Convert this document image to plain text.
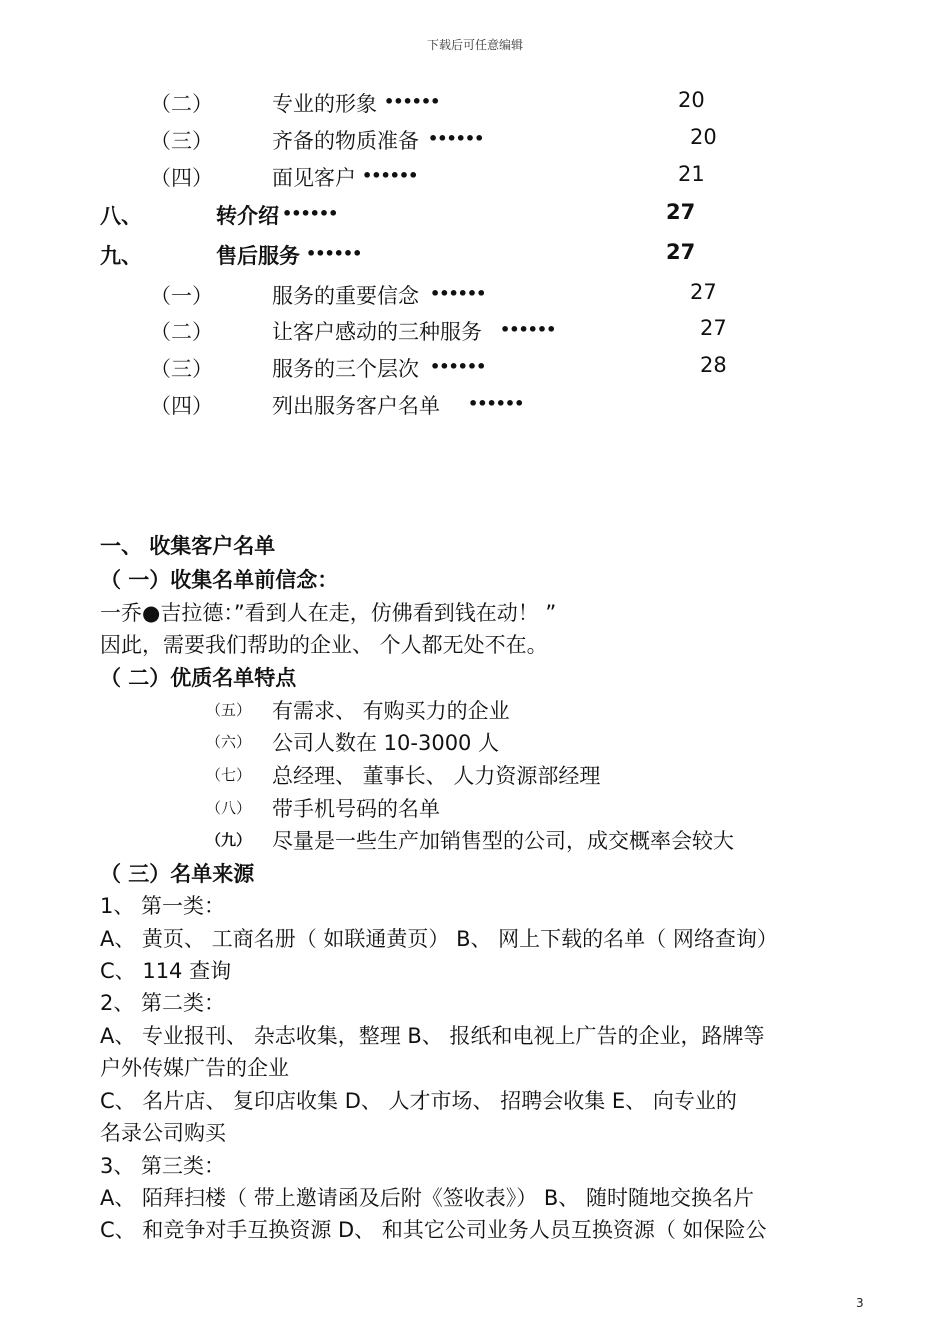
下载后可任意编辑
（二）	专业的形象 ••••••	20
（三）	齐备的物质准备 ••••••	20
（四）	面见客户 ••••••	21
八、	转介绍 ••••••	27
九、	售后服务 ••••••	27
（一）	服务的重要信念 ••••••	27
（二）	让客户感动的三种服务 ••••••	27
（三）	服务的三个层次 ••••••	28
（四）	列出服务客户名单 ••••••
一、 收集客户名单
（ 一）收集名单前信念：
一乔●吉拉德：”看到人在走，仿佛看到钱在动！ ”
因此，需要我们帮助的企业、 个人都无处不在。
（ 二）优质名单特点
（五） 有需求、 有购买力的企业
（六） 公司人数在 10-3000 人
（七） 总经理、 董事长、 人力资源部经理
（八） 带手机号码的名单
（九） 尽量是一些生产加销售型的公司，成交概率会较大
（ 三）名单来源
1、 第一类：
A、 黄页、 工商名册（ 如联通黄页） B、 网上下载的名单（ 网络查询）
C、 114 查询
2、 第二类：
A、 专业报刊、 杂志收集，整理 B、 报纸和电视上广告的企业，路牌等
户外传媒广告的企业
C、 名片店、 复印店收集 D、 人才市场、 招聘会收集 E、 向专业的
名录公司购买
3、 第三类：
A、 陌拜扫楼（ 带上邀请函及后附《签收表》） B、 随时随地交换名片
C、 和竞争对手互换资源 D、 和其它公司业务人员互换资源（ 如保险公
3
